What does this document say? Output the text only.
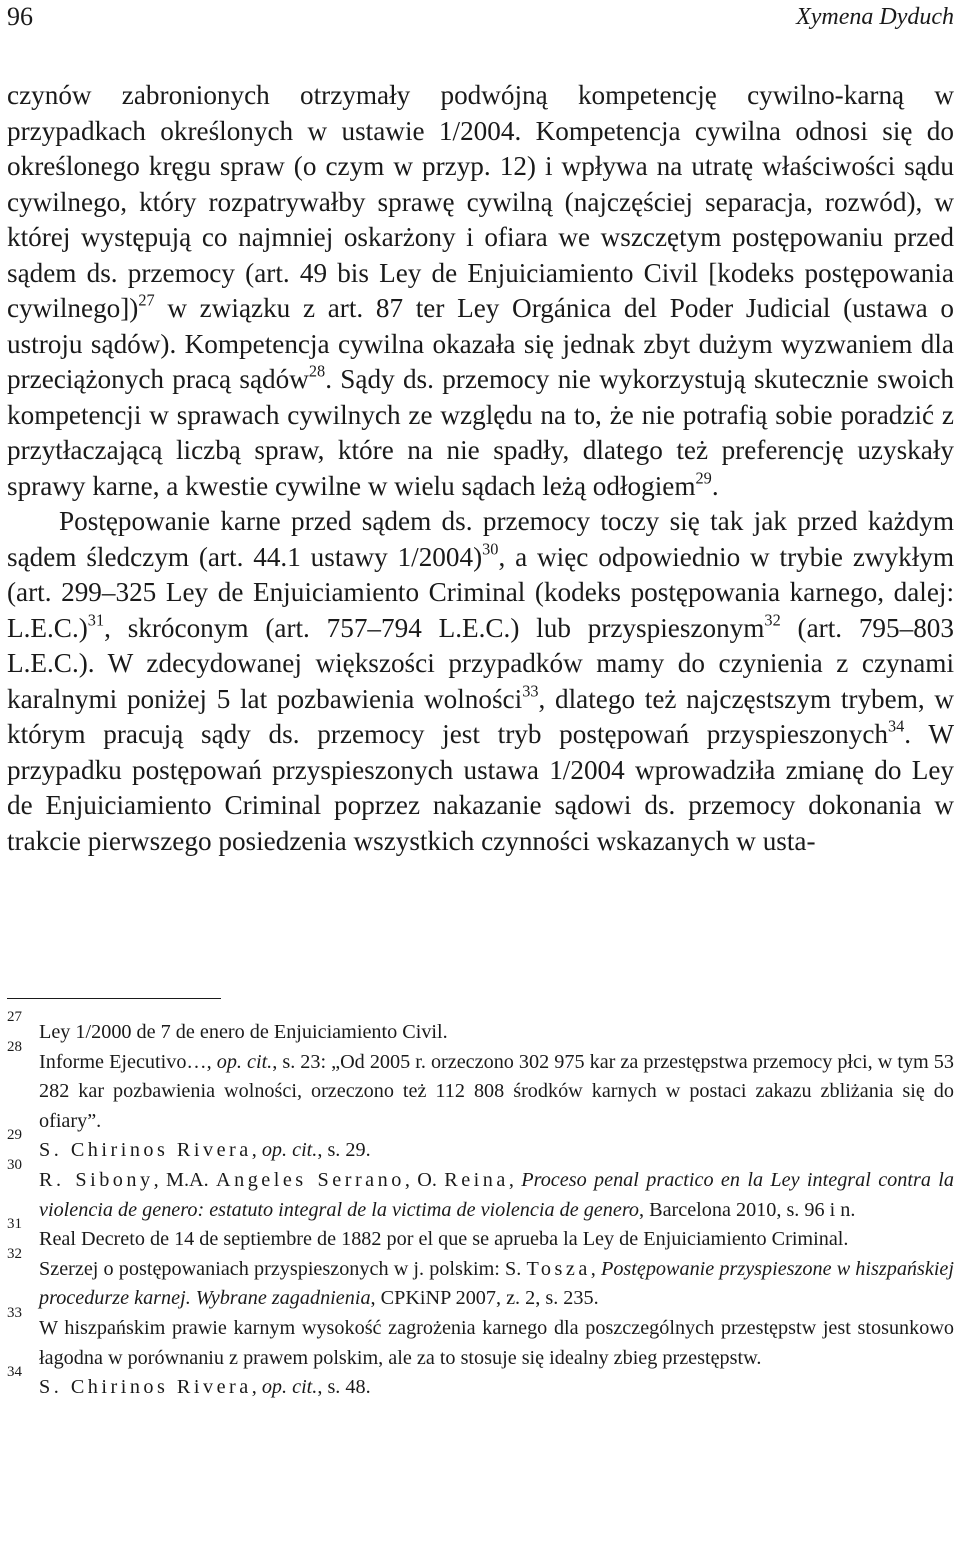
96	Xymena Dyduch

czynów zabronionych otrzymały podwójną kompetencję cywilno-karną w przypadkach określonych w ustawie 1/2004. Kompetencja cywilna odnosi się do określonego kręgu spraw (o czym w przyp. 12) i wpływa na utratę właściwości sądu cywilnego, który rozpatrywałby sprawę cywilną (najczęściej separacja, rozwód), w której występują co najmniej oskarżony i ofiara we wszczętym postępowaniu przed sądem ds. przemocy (art. 49 bis Ley de Enjuiciamiento Civil [kodeks postępowania cywilnego])$^{27}$ w związku z art. 87 ter Ley Orgánica del Poder Judicial (ustawa o ustroju sądów). Kompetencja cywilna okazała się jednak zbyt dużym wyzwaniem dla przeciążonych pracą sądów$^{28}$. Sądy ds. przemocy nie wykorzystują skutecznie swoich kompetencji w sprawach cywilnych ze względu na to, że nie potrafią sobie poradzić z przytłaczającą liczbą spraw, które na nie spadły, dlatego też preferencję uzyskały sprawy karne, a kwestie cywilne w wielu sądach leżą odłogiem$^{29}$.

Postępowanie karne przed sądem ds. przemocy toczy się tak jak przed każdym sądem śledczym (art. 44.1 ustawy 1/2004)$^{30}$, a więc odpowiednio w trybie zwykłym (art. 299–325 Ley de Enjuiciamiento Criminal (kodeks postępowania karnego, dalej: L.E.C.)$^{31}$, skróconym (art. 757–794 L.E.C.) lub przyspieszonym$^{32}$ (art. 795–803 L.E.C.). W zdecydowanej większości przypadków mamy do czynienia z czynami karalnymi poniżej 5 lat pozbawienia wolności$^{33}$, dlatego też najczęstszym trybem, w którym pracują sądy ds. przemocy jest tryb postępowań przyspieszonych$^{34}$. W przypadku postępowań przyspieszonych ustawa 1/2004 wprowadziła zmianę do Ley de Enjuiciamiento Criminal poprzez nakazanie sądowi ds. przemocy dokonania w trakcie pierwszego posiedzenia wszystkich czynności wskazanych w usta-

27
Ley 1/2000 de 7 de enero de Enjuiciamiento Civil.
28
Informe Ejecutivo…, op. cit., s. 23: „Od 2005 r. orzeczono 302 975 kar za przestępstwa przemocy płci, w tym 53 282 kar pozbawienia wolności, orzeczono też 112 808 środków karnych w postaci zakazu zbliżania się do ofiary”.
29
S. Chirinos Rivera, op. cit., s. 29.
30
R. Sibony, M.A. Angeles Serrano, O. Reina, Proceso penal practico en la Ley integral contra la violencia de genero: estatuto integral de la victima de violencia de genero, Barcelona 2010, s. 96 i n.
31
Real Decreto de 14 de septiembre de 1882 por el que se aprueba la Ley de Enjuiciamiento Criminal.
32
Szerzej o postępowaniach przyspieszonych w j. polskim: S. Tosza, Postępowanie przyspieszone w hiszpańskiej procedurze karnej. Wybrane zagadnienia, CPKiNP 2007, z. 2, s. 235.
33
W hiszpańskim prawie karnym wysokość zagrożenia karnego dla poszczególnych przestępstw jest stosunkowo łagodna w porównaniu z prawem polskim, ale za to stosuje się idealny zbieg przestępstw.
34
S. Chirinos Rivera, op. cit., s. 48.
